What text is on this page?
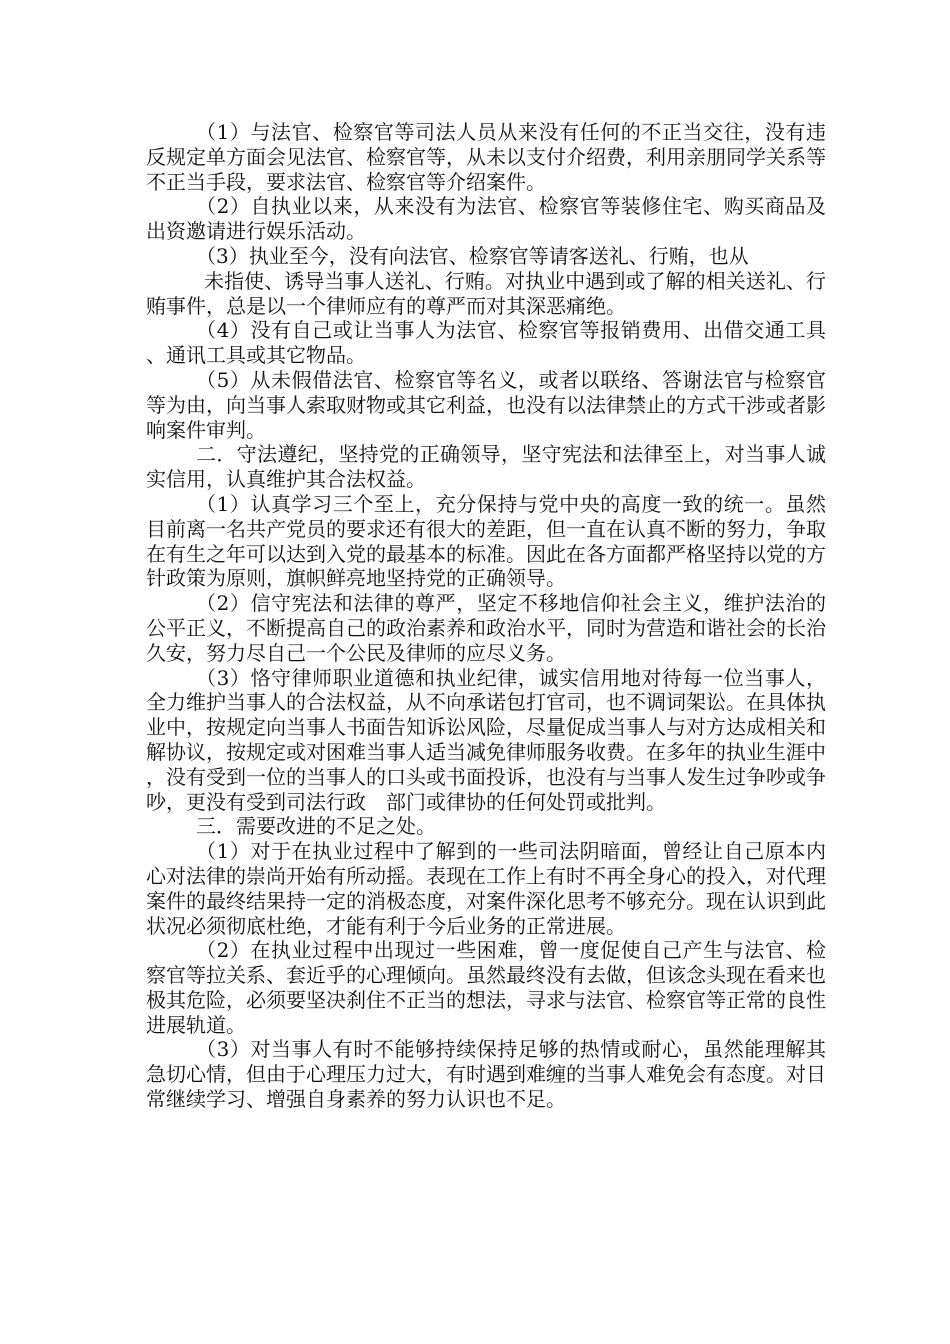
（1）与法官、检察官等司法人员从来没有任何的不正当交往，没有违反规定单方面会见法官、检察官等，从未以支付介绍费，利用亲朋同学关系等不正当手段，要求法官、检察官等介绍案件。

（2）自执业以来，从来没有为法官、检察官等装修住宅、购买商品及出资邀请进行娱乐活动。

（3）执业至今，没有向法官、检察官等请客送礼、行贿，也从

未指使、诱导当事人送礼、行贿。对执业中遇到或了解的相关送礼、行贿事件，总是以一个律师应有的尊严而对其深恶痛绝。

（4）没有自己或让当事人为法官、检察官等报销费用、出借交通工具、通讯工具或其它物品。

（5）从未假借法官、检察官等名义，或者以联络、答谢法官与检察官等为由，向当事人索取财物或其它利益，也没有以法律禁止的方式干涉或者影响案件审判。

二．守法遵纪，坚持党的正确领导，坚守宪法和法律至上，对当事人诚实信用，认真维护其合法权益。

（1）认真学习三个至上，充分保持与党中央的高度一致的统一。虽然目前离一名共产党员的要求还有很大的差距，但一直在认真不断的努力，争取在有生之年可以达到入党的最基本的标准。因此在各方面都严格坚持以党的方针政策为原则，旗帜鲜亮地坚持党的正确领导。

（2）信守宪法和法律的尊严，坚定不移地信仰社会主义，维护法治的公平正义，不断提高自己的政治素养和政治水平，同时为营造和谐社会的长治久安，努力尽自己一个公民及律师的应尽义务。

（3）恪守律师职业道德和执业纪律，诚实信用地对待每一位当事人，全力维护当事人的合法权益，从不向承诺包打官司，也不调词架讼。在具体执业中，按规定向当事人书面告知诉讼风险，尽量促成当事人与对方达成相关和解协议，按规定或对困难当事人适当减免律师服务收费。在多年的执业生涯中，没有受到一位的当事人的口头或书面投诉，也没有与当事人发生过争吵或争吵，更没有受到司法行政　部门或律协的任何处罚或批判。

三．需要改进的不足之处。

（1）对于在执业过程中了解到的一些司法阴暗面，曾经让自己原本内心对法律的崇尚开始有所动摇。表现在工作上有时不再全身心的投入，对代理案件的最终结果持一定的消极态度，对案件深化思考不够充分。现在认识到此状况必须彻底杜绝，才能有利于今后业务的正常进展。

（2）在执业过程中出现过一些困难，曾一度促使自己产生与法官、检察官等拉关系、套近乎的心理倾向。虽然最终没有去做，但该念头现在看来也极其危险，必须要坚决刹住不正当的想法，寻求与法官、检察官等正常的良性进展轨道。

（3）对当事人有时不能够持续保持足够的热情或耐心，虽然能理解其急切心情，但由于心理压力过大，有时遇到难缠的当事人难免会有态度。对日常继续学习、增强自身素养的努力认识也不足。
